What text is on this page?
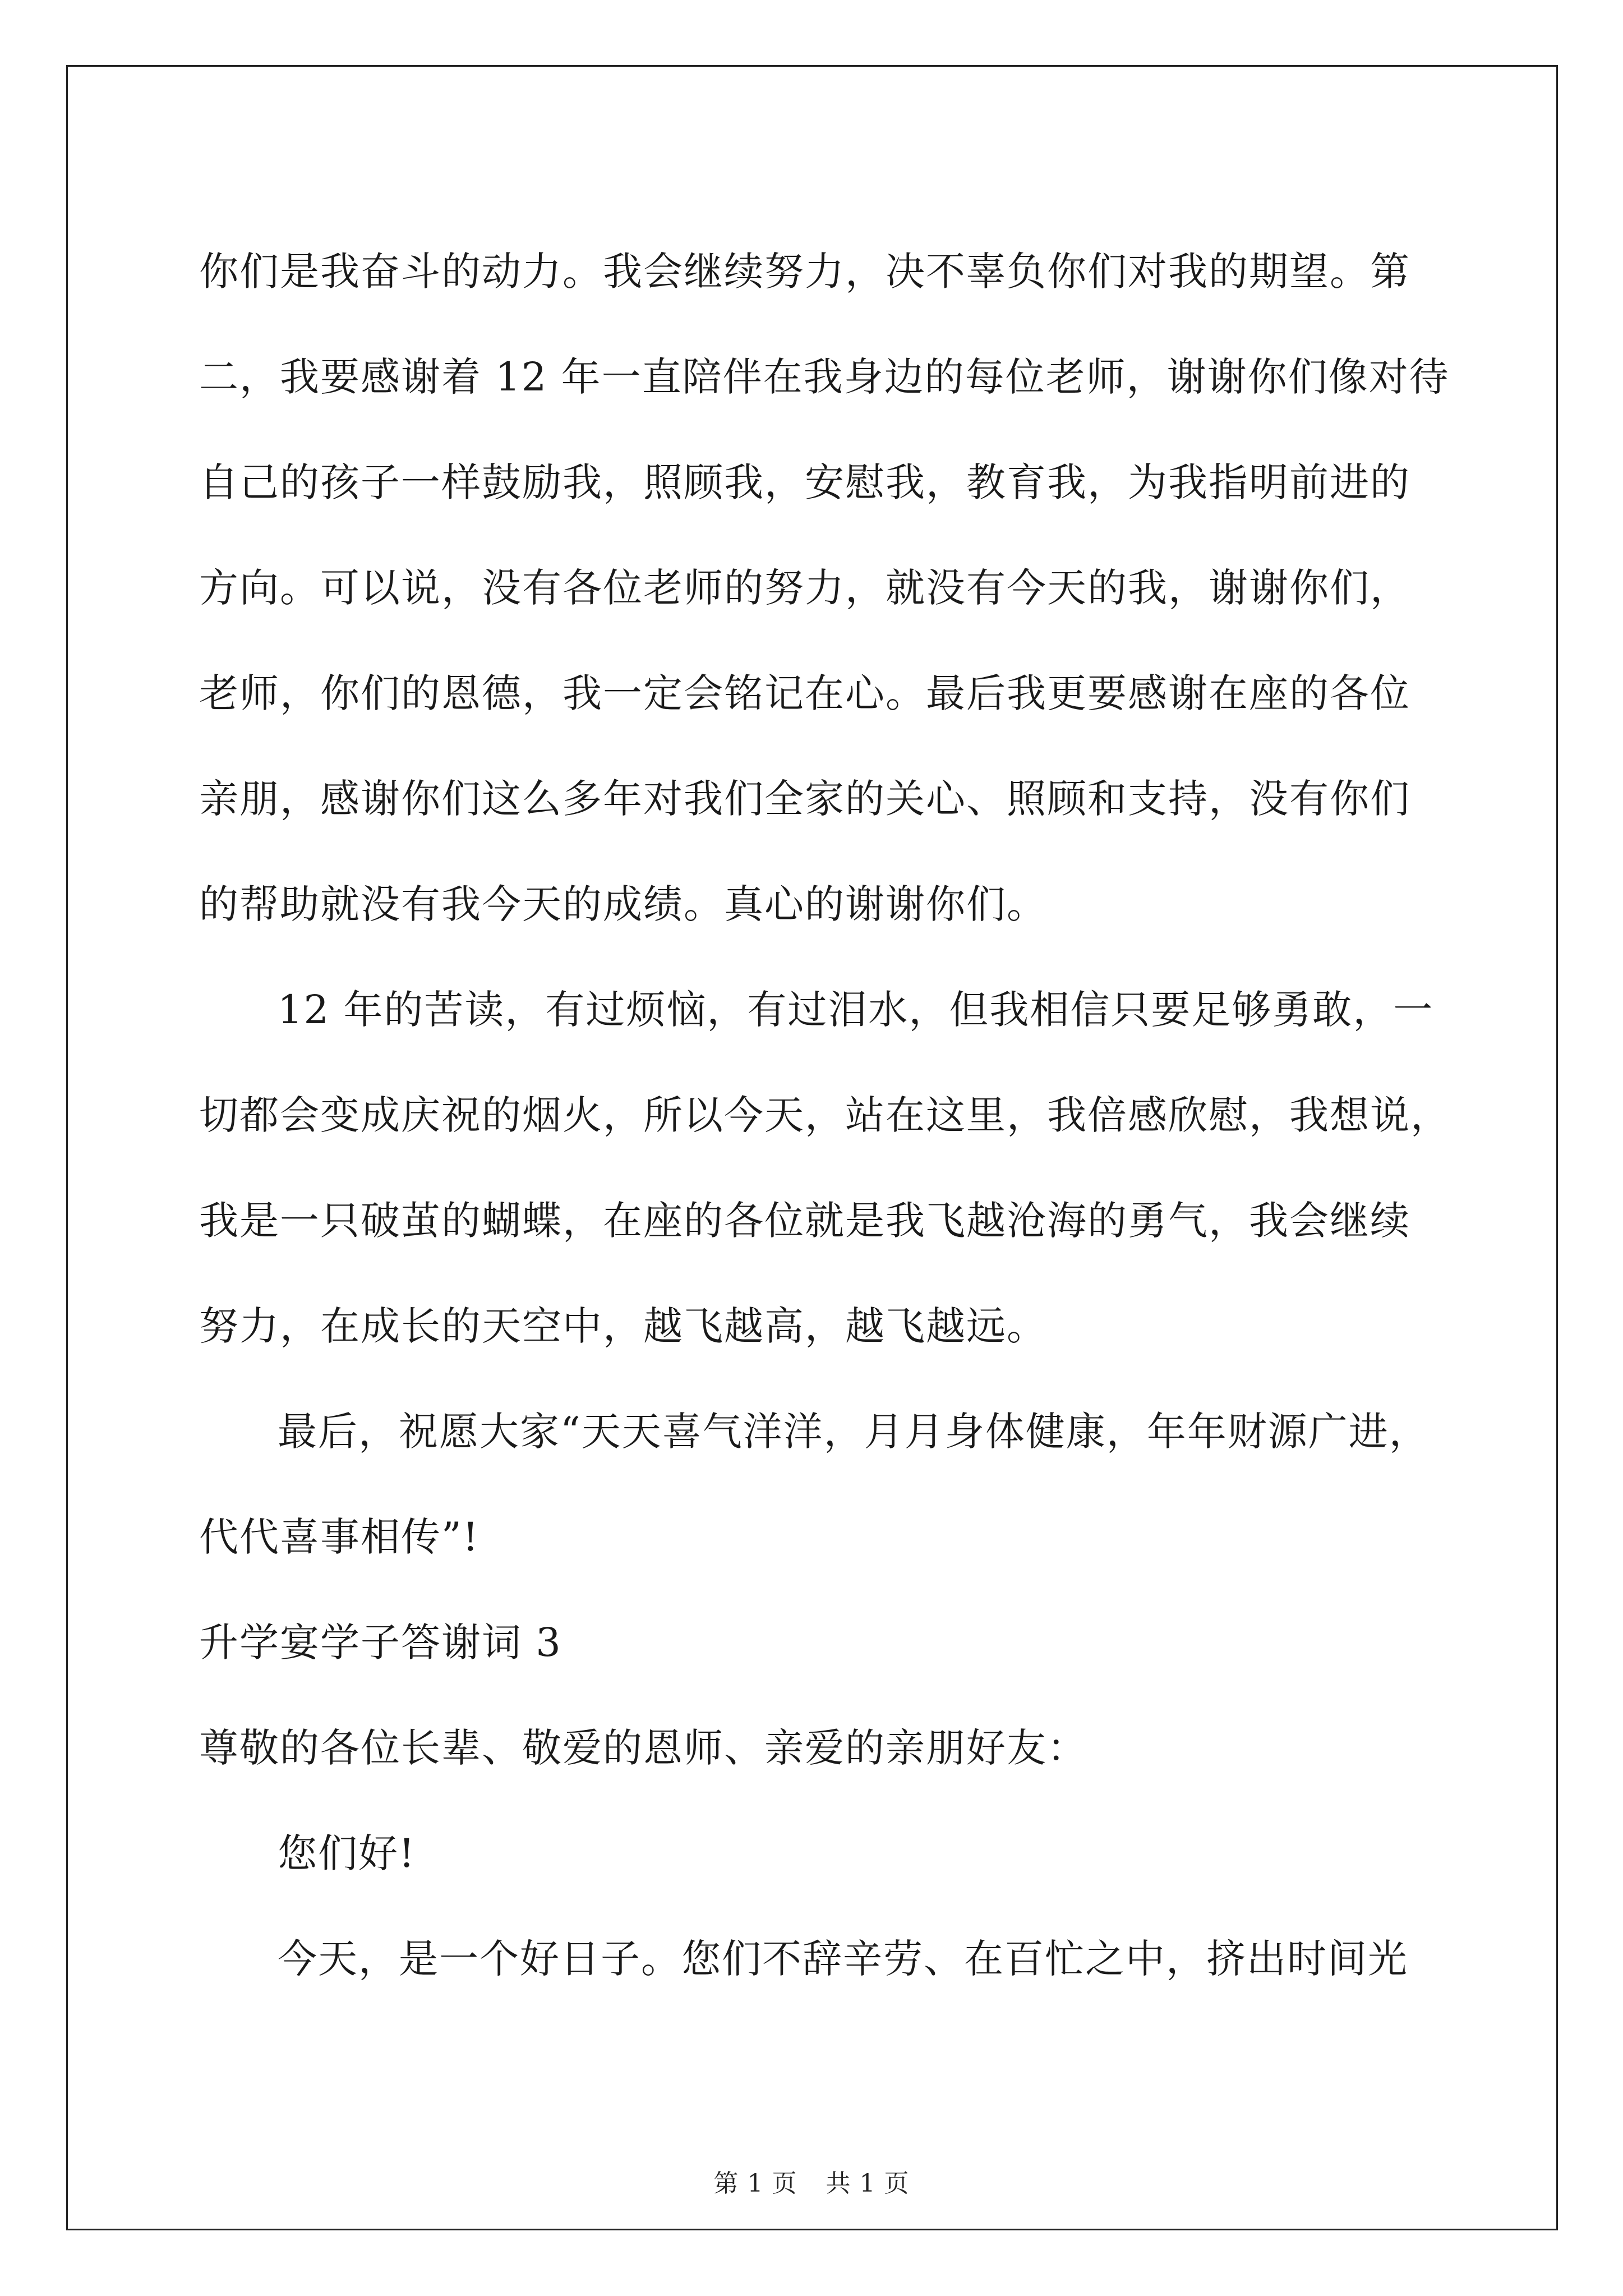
你们是我奋斗的动力。我会继续努力，决不辜负你们对我的期望。第
二，我要感谢着 12 年一直陪伴在我身边的每位老师，谢谢你们像对待
自己的孩子一样鼓励我，照顾我，安慰我，教育我，为我指明前进的
方向。可以说，没有各位老师的努力，就没有今天的我，谢谢你们，
老师，你们的恩德，我一定会铭记在心。最后我更要感谢在座的各位
亲朋，感谢你们这么多年对我们全家的关心、照顾和支持，没有你们
的帮助就没有我今天的成绩。真心的谢谢你们。
12 年的苦读，有过烦恼，有过泪水，但我相信只要足够勇敢，一
切都会变成庆祝的烟火，所以今天，站在这里，我倍感欣慰，我想说，
我是一只破茧的蝴蝶，在座的各位就是我飞越沧海的勇气，我会继续
努力，在成长的天空中，越飞越高，越飞越远。
最后，祝愿大家“天天喜气洋洋，月月身体健康，年年财源广进，
代代喜事相传”!
升学宴学子答谢词 3
尊敬的各位长辈、敬爱的恩师、亲爱的亲朋好友：
您们好!
今天，是一个好日子。您们不辞辛劳、在百忙之中，挤出时间光
第 1 页 共 1 页
